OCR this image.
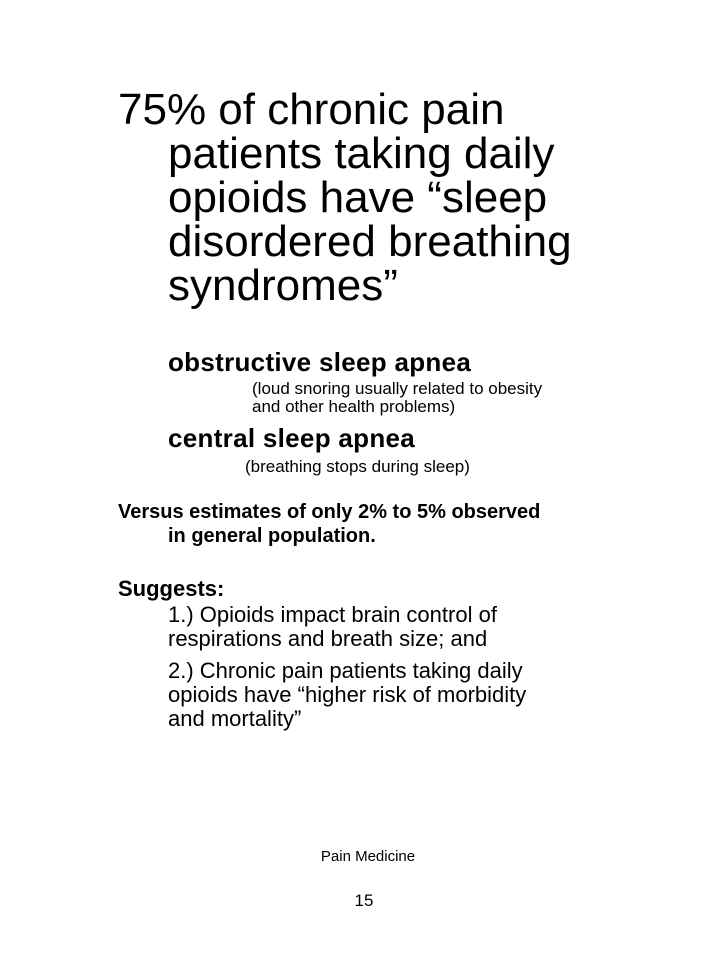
75% of chronic pain
patients taking daily
opioids have “sleep
disordered breathing
syndromes”
obstructive sleep apnea
(loud snoring usually related to obesity
and other health problems)
central sleep apnea
(breathing stops during sleep)
Versus estimates of only 2% to 5% observed
in general population.
Suggests:
1.) Opioids impact brain control of
respirations and breath size; and
2.) Chronic pain patients taking daily
opioids have “higher risk of morbidity
and mortality”
Pain Medicine
15
